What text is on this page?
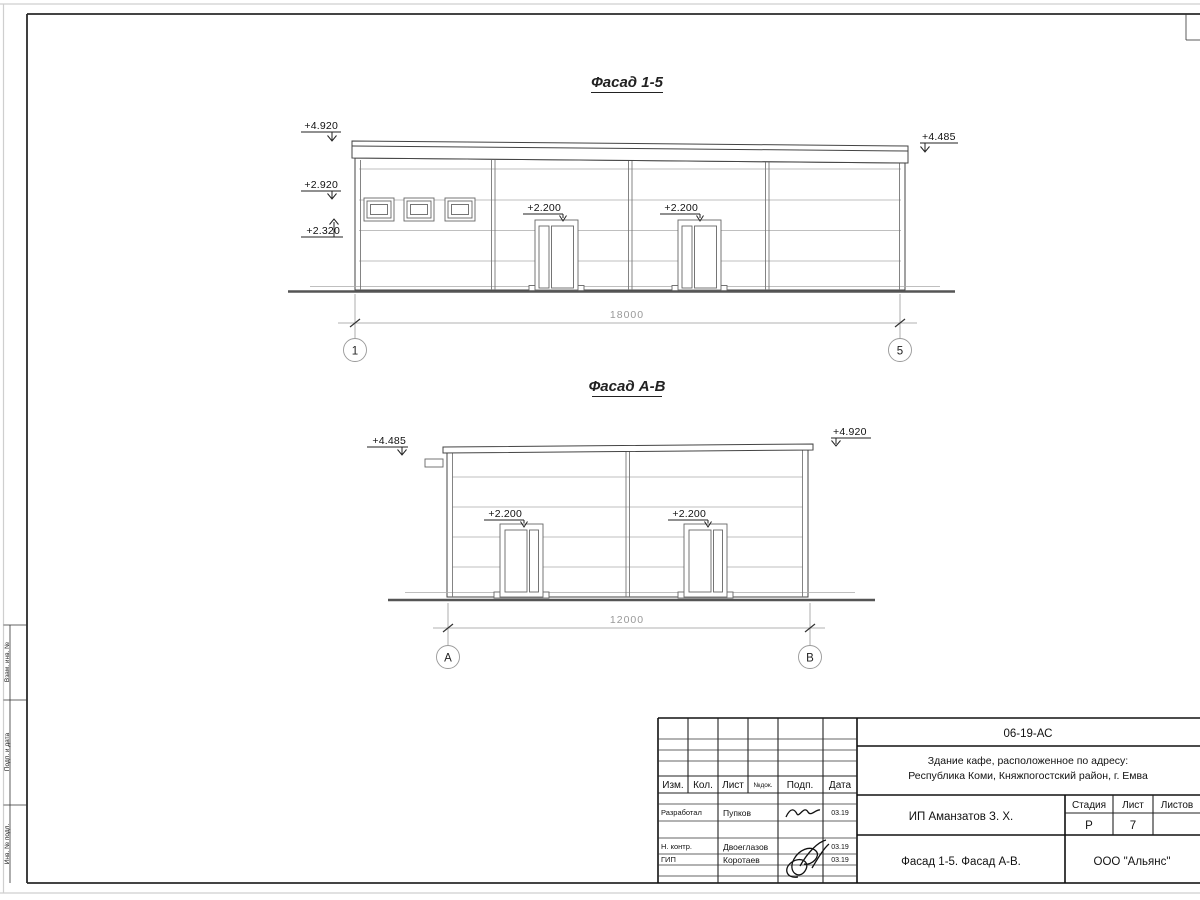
Взам. инв. №
Подп. и дата
Инв. № подл.
Фасад 1-5
+2.200	+2.200
+4.920
+2.920
+2.320
+4.485
18000
1	5
Фасад А-В
+2.200	+2.200
+4.485
+4.920
12000
А	В
Изм. Кол. Лист №док. Подп. Дата
Разработал Пупков	03.19
Н. контр.	Двоеглазов	03.19
ГИП	Коротаев	03.19
06-19-АС
Здание кафе, расположенное по адресу:
Республика Коми, Княжпогостский район, г. Емва
ИП Аманзатов З. Х.
Стадия Лист Листов
Р	7
Фасад 1-5. Фасад А-В.	ООО "Альянс"
